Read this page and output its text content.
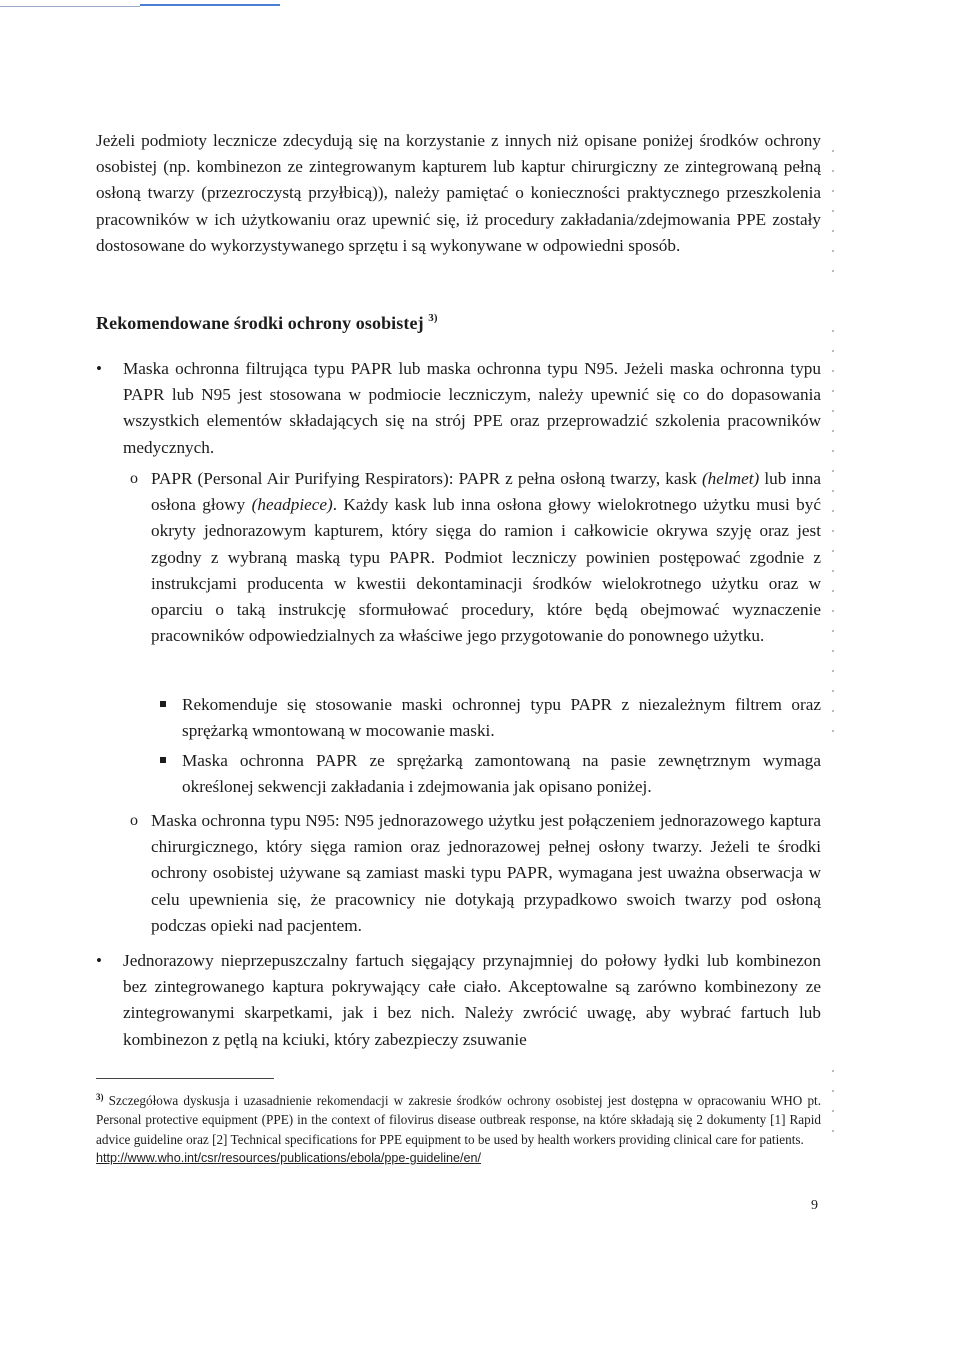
Jeżeli podmioty lecznicze zdecydują się na korzystanie z innych niż opisane poniżej środków ochrony osobistej (np. kombinezon ze zintegrowanym kapturem lub kaptur chirurgiczny ze zintegrowaną pełną osłoną twarzy (przezroczystą przyłbicą)), należy pamiętać o konieczności praktycznego przeszkolenia pracowników w ich użytkowaniu oraz upewnić się, iż procedury zakładania/zdejmowania PPE zostały dostosowane do wykorzystywanego sprzętu i są wykonywane w odpowiedni sposób.

Rekomendowane środki ochrony osobistej $^{3)}$
•	Maska ochronna filtrująca typu PAPR lub maska ochronna typu N95. Jeżeli maska ochronna typu PAPR lub N95 jest stosowana w podmiocie leczniczym, należy upewnić się co do dopasowania wszystkich elementów składających się na strój PPE oraz przeprowadzić szkolenia pracowników medycznych.

o PAPR (Personal Air Purifying Respirators): PAPR z pełna osłoną twarzy, kask (helmet) lub inna osłona głowy (headpiece). Każdy kask lub inna osłona głowy wielokrotnego użytku musi być okryty jednorazowym kapturem, który sięga do ramion i całkowicie okrywa szyję oraz jest zgodny z wybraną maską typu PAPR. Podmiot leczniczy powinien postępować zgodnie z instrukcjami producenta w kwestii dekontaminacji środków wielokrotnego użytku oraz w oparciu o taką instrukcję sformułować procedury, które będą obejmować wyznaczenie pracowników odpowiedzialnych za właściwe jego przygotowanie do ponownego użytku.

Rekomenduje się stosowanie maski ochronnej typu PAPR z niezależnym filtrem oraz sprężarką wmontowaną w mocowanie maski.

Maska ochronna PAPR ze sprężarką zamontowaną na pasie zewnętrznym wymaga określonej sekwencji zakładania i zdejmowania jak opisano poniżej.

o Maska ochronna typu N95: N95 jednorazowego użytku jest połączeniem jednorazowego kaptura chirurgicznego, który sięga ramion oraz jednorazowej pełnej osłony twarzy. Jeżeli te środki ochrony osobistej używane są zamiast maski typu PAPR, wymagana jest uważna obserwacja w celu upewnienia się, że pracownicy nie dotykają przypadkowo swoich twarzy pod osłoną podczas opieki nad pacjentem.

•	Jednorazowy nieprzepuszczalny fartuch sięgający przynajmniej do połowy łydki lub kombinezon bez zintegrowanego kaptura pokrywający całe ciało. Akceptowalne są zarówno kombinezony ze zintegrowanymi skarpetkami, jak i bez nich. Należy zwrócić uwagę, aby wybrać fartuch lub kombinezon z pętlą na kciuki, który zabezpieczy zsuwanie

$^{3)}$ Szczegółowa dyskusja i uzasadnienie rekomendacji w zakresie środków ochrony osobistej jest dostępna w opracowaniu WHO pt. Personal protective equipment (PPE) in the context of filovirus disease outbreak response, na które składają się 2 dokumenty [1] Rapid advice guideline oraz [2] Technical specifications for PPE equipment to be used by health workers providing clinical care for patients.
http://www.who.int/csr/resources/publications/ebola/ppe-guideline/en/
9
